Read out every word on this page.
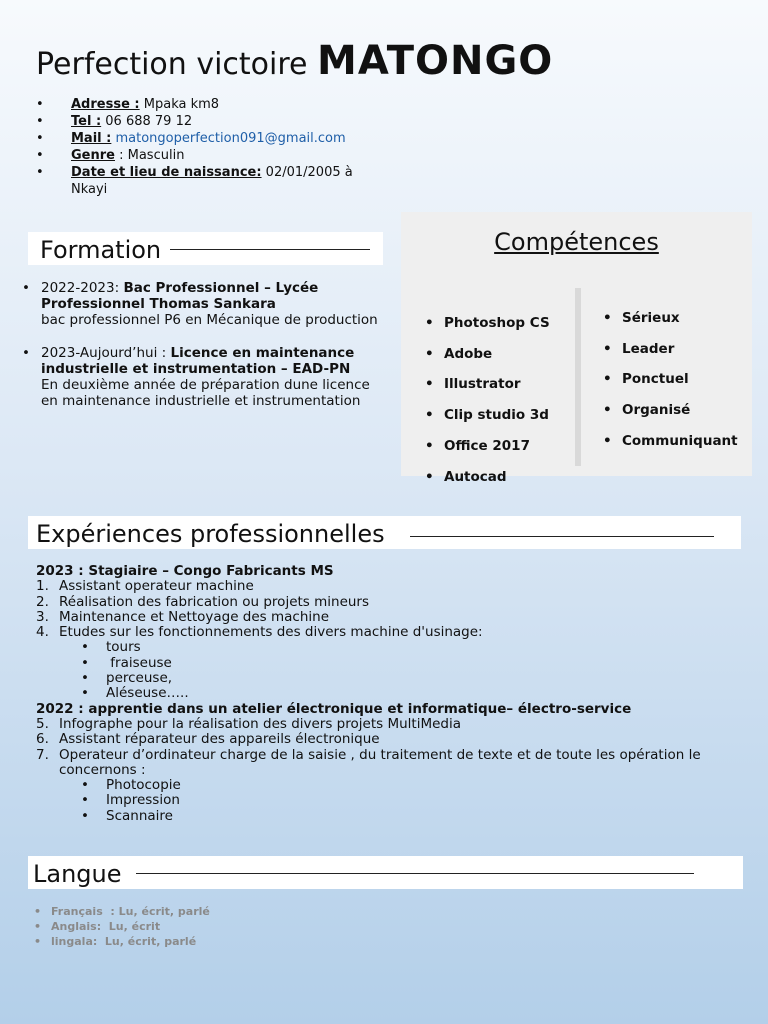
Perfection victoire MATONGO
• Adresse : Mpaka km8
• Tel : 06 688 79 12
• Mail : matongoperfection091@gmail.com
• Genre : Masculin
• Date et lieu de naissance: 02/01/2005 à Nkayi
Formation
• 2022-2023: Bac Professionnel – Lycée Professionnel Thomas Sankara
bac professionnel P6 en Mécanique de production
• 2023-Aujourd’hui : Licence en maintenance industrielle et instrumentation – EAD-PN
En deuxième année de préparation dune licence en maintenance industrielle et instrumentation
Compétences
• Photoshop CS
• Adobe
• Illustrator
• Clip studio 3d
• Office 2017
• Autocad
• Sérieux
• Leader
• Ponctuel
• Organisé
• Communiquant
Expériences professionnelles
2023 : Stagiaire – Congo Fabricants MS
1. Assistant operateur machine
2. Réalisation des fabrication ou projets mineurs
3. Maintenance et Nettoyage des machine
4. Etudes sur les fonctionnements des divers machine d'usinage:
• tours
•  fraiseuse
• perceuse,
• Aléseuse…..
2022 : apprentie dans un atelier électronique et informatique– électro-service
5. Infographe pour la réalisation des divers projets MultiMedia
6. Assistant réparateur des appareils électronique
7. Operateur d’ordinateur charge de la saisie , du traitement de texte et de toute les opération le concernons :
• Photocopie
• Impression
• Scannaire
Langue
• Français  : Lu, écrit, parlé
• Anglais:  Lu, écrit
• lingala:  Lu, écrit, parlé
